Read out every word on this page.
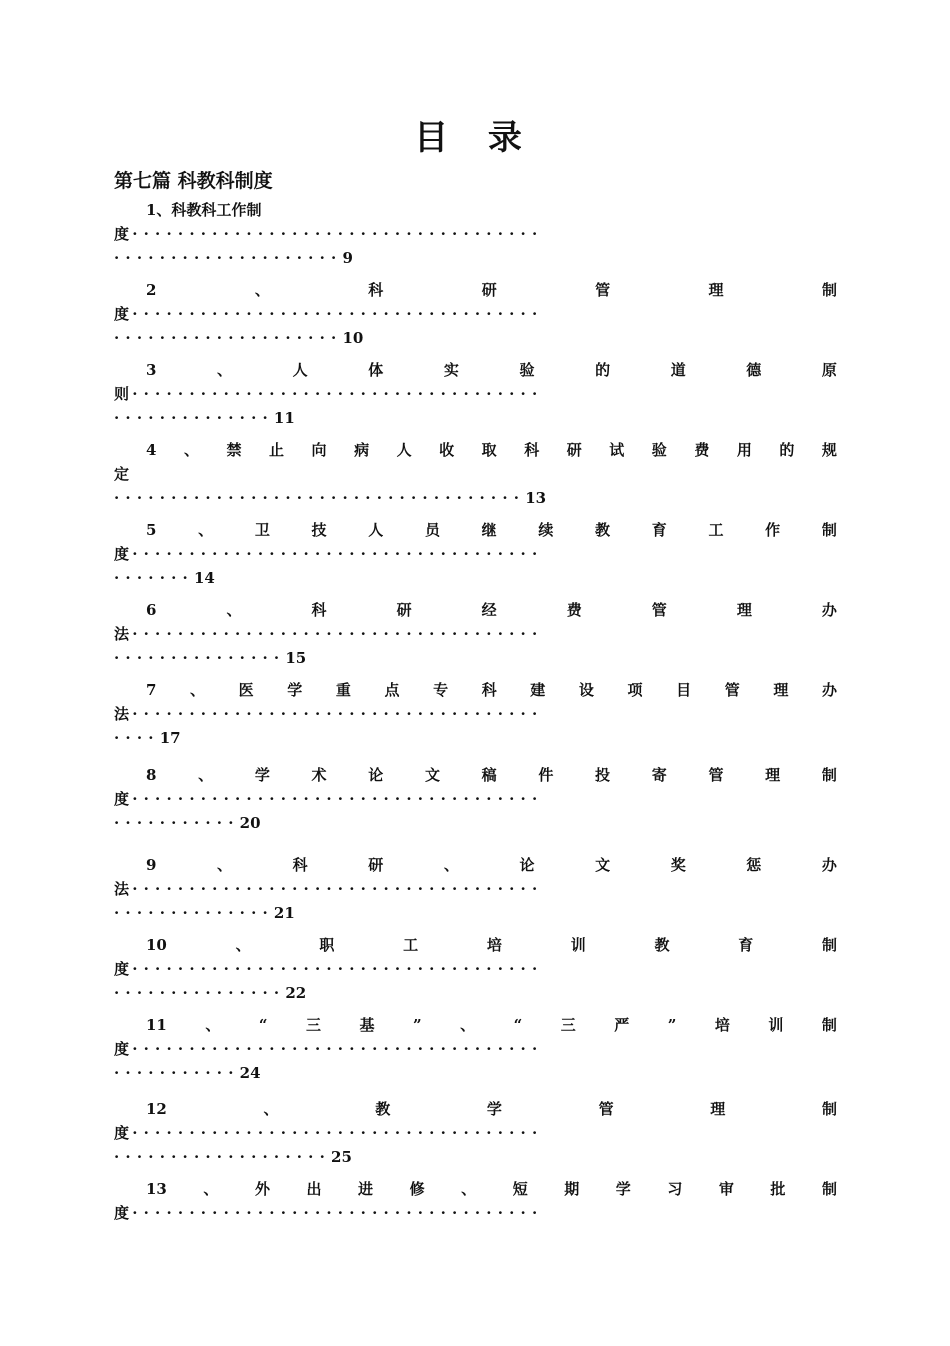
目 录
第七篇 科教科制度
1、科教科工作制
度····································
····················9
2	、	科	研	管	理	制
度····································
····················10
3	、	人	体	实	验	的	道	德	原
则····································
··············11
4 、 禁 止 向 病 人 收 取 科 研 试 验 费 用 的 规
定
····································13
5	、	卫	技	人	员	继	续	教	育	工	作	制
度····································
·······14
6	、	科	研	经	费	管	理	办
法····································
···············15
7 、 医 学 重 点 专 科 建 设 项 目 管 理 办
法····································
····17
8	、	学	术	论	文	稿	件	投	寄	管	理	制
度····································
···········20
9	、	科	研	、	论	文	奖	惩	办
法····································
··············21
10	、	职	工	培	训	教	育	制
度····································
···············22
11	、	“	三	基	”	、	“	三	严	”	培	训	制
度····································
···········24
12	、	教	学	管	理	制
度····································
···················25
13 、 外 出 进 修 、 短 期 学 习 审 批 制
度····································
